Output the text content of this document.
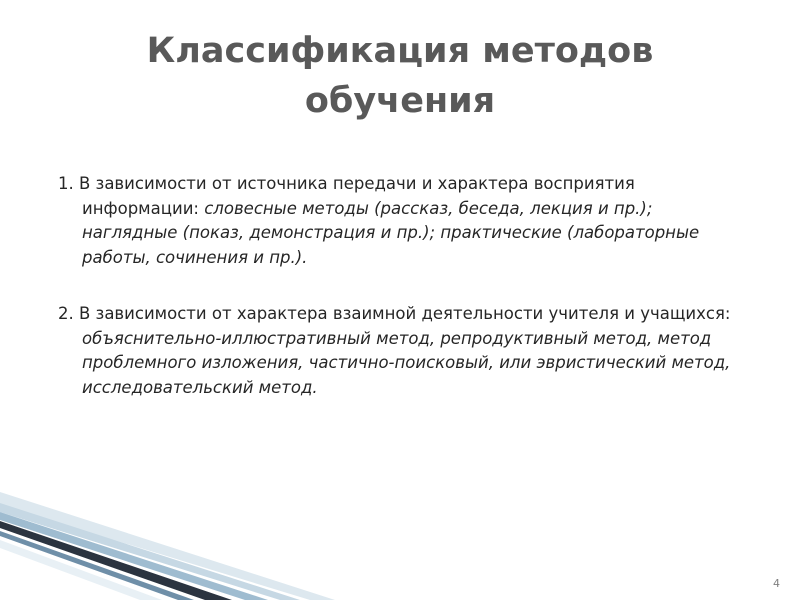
Классификация методов
обучения

1. В зависимости от источника передачи и характера восприятия информации: словесные методы (рассказ, беседа, лекция и пр.); наглядные (показ, демонстрация и пр.); практические (лабораторные работы, сочинения и пр.).

2. В зависимости от характера взаимной деятельности учителя и учащихся: объяснительно-иллюстративный метод, репродуктивный метод, метод проблемного изложения, частично-поисковый, или эвристический метод, исследовательский метод.

4
